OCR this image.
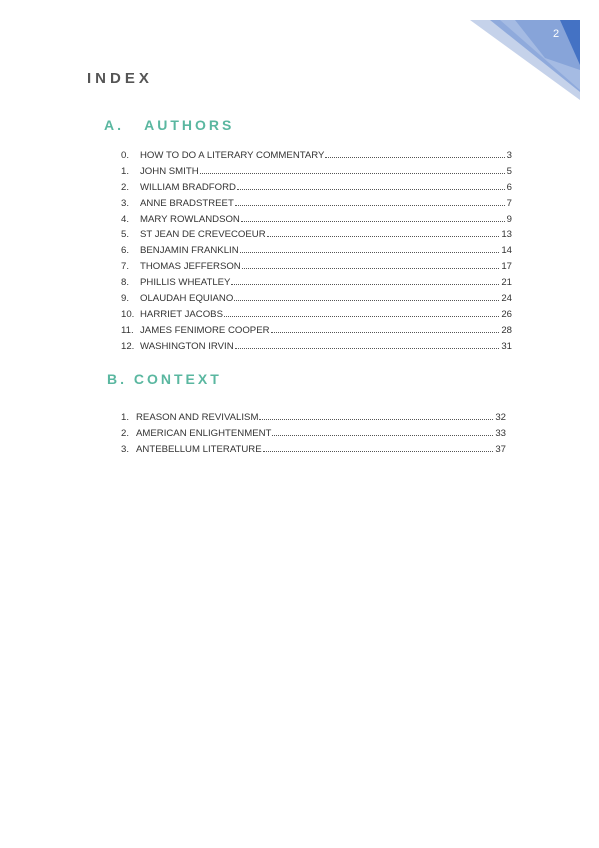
2
INDEX
A.   AUTHORS
0.	HOW TO DO A LITERARY COMMENTARY	3
1.	JOHN SMITH	5
2.	WILLIAM BRADFORD	6
3.	ANNE BRADSTREET	7
4.	MARY ROWLANDSON	9
5.	ST JEAN DE CREVECOEUR	13
6.	BENJAMIN FRANKLIN	14
7.	THOMAS JEFFERSON	17
8.	PHILLIS WHEATLEY	21
9.	OLAUDAH EQUIANO	24
10. HARRIET JACOBS	26
11. JAMES FENIMORE COOPER	28
12. WASHINGTON IRVIN	31
B. CONTEXT
1. REASON AND REVIVALISM	32
2. AMERICAN ENLIGHTENMENT	33
3. ANTEBELLUM LITERATURE	37
